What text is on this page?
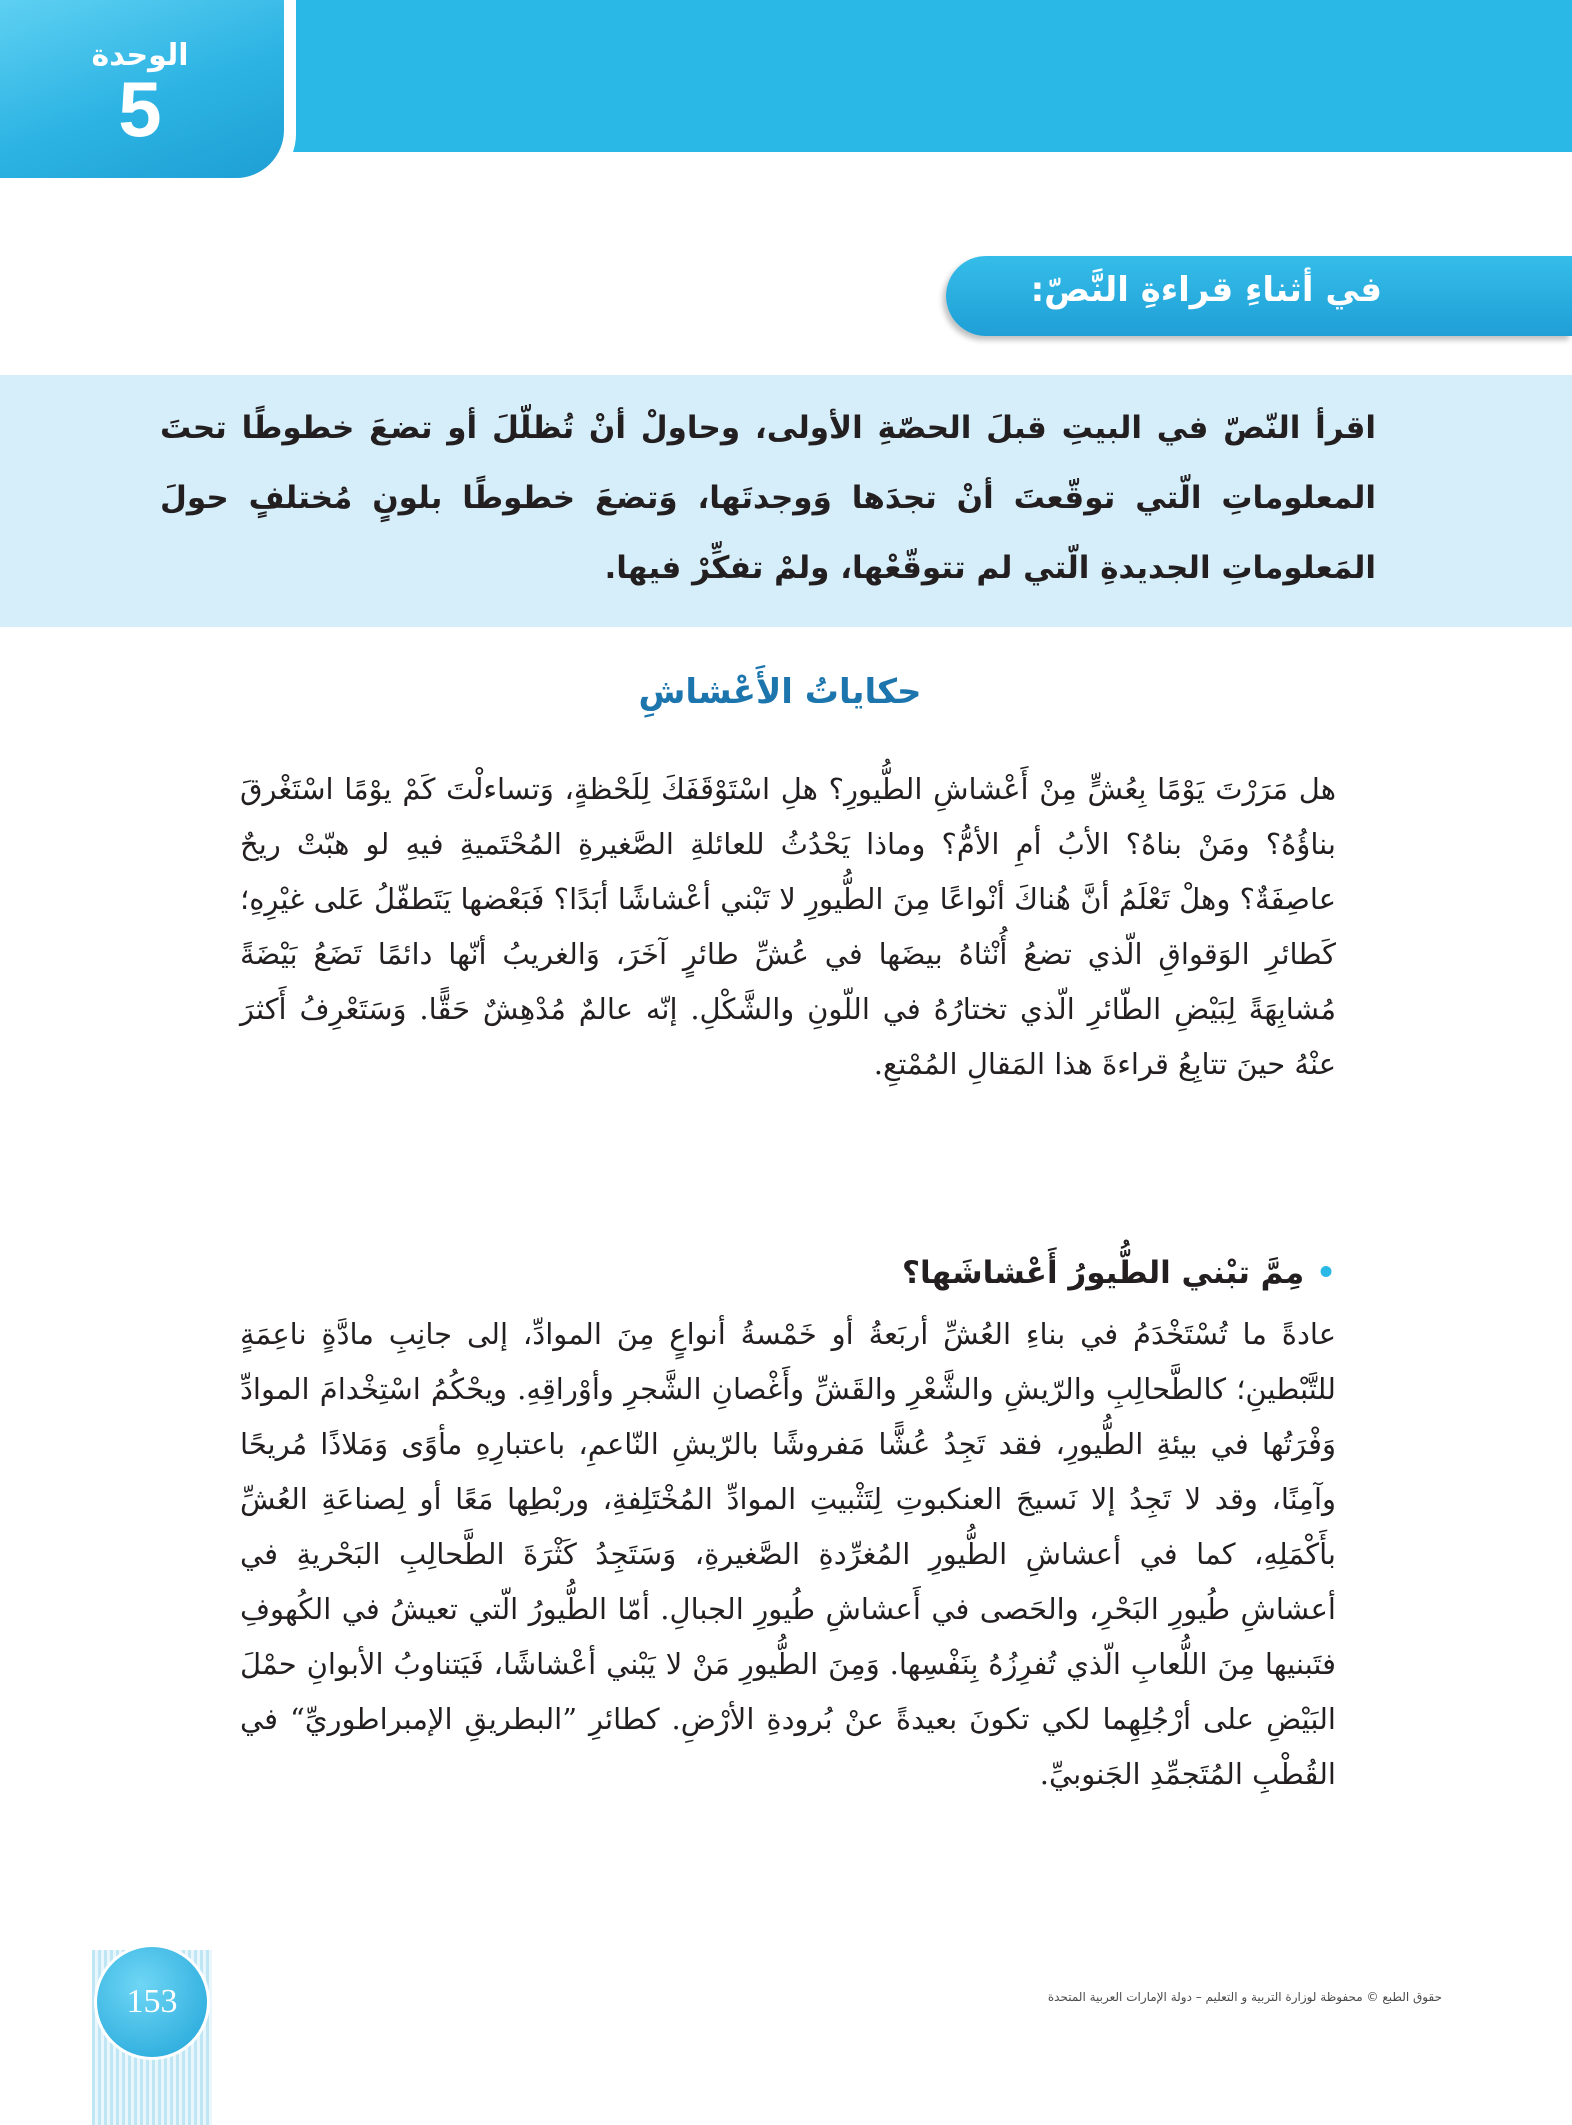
الوحدة
5
في أثناءِ قراءةِ النَّصّ:
اقرأ النّصّ في البيتِ قبلَ الحصّةِ الأولى، وحاولْ أنْ تُظلّلَ أو تضعَ خطوطًا تحتَ المعلوماتِ الّتي توقّعتَ أنْ تجدَها وَوجدتَها، وَتضعَ خطوطًا بلونٍ مُختلفٍ حولَ المَعلوماتِ الجديدةِ الّتي لم تتوقّعْها، ولمْ تفكِّرْ فيها.
حكاياتُ الأَعْشاشِ
هل مَرَرْتَ يَوْمًا بِعُشٍّ مِنْ أَعْشاشِ الطُّيورِ؟ هلِ اسْتَوْقَفَكَ لِلَحْظةٍ، وَتساءلْتَ كَمْ يوْمًا اسْتَغْرقَ بناؤُهُ؟ ومَنْ بناهُ؟ الأبُ أمِ الأمُّ؟ وماذا يَحْدُثُ للعائلةِ الصَّغيرةِ المُحْتَميةِ فيهِ لو هبّتْ ريحٌ عاصِفَةٌ؟ وهلْ تَعْلَمُ أنَّ هُناكَ أنْواعًا مِنَ الطُّيورِ لا تَبْني أعْشاشًا أبَدًا؟ فَبَعْضها يَتَطفّلُ عَلى غيْرِهِ؛ كَطائرِ الوَقواقِ الّذي تضعُ أُنْثاهُ بيضَها في عُشِّ طائرٍ آخَرَ، وَالغريبُ أنّها دائمًا تَضَعُ بَيْضَةً مُشابِهَةً لِبَيْضِ الطّائرِ الّذي تختارُهُ في اللّونِ والشَّكْلِ. إنّه عالمٌ مُدْهِشٌ حَقًّا. وَسَتَعْرِفُ أَكثرَ عنْهُ حينَ تتابِعُ قراءةَ هذا المَقالِ المُمْتعِ.
•مِمَّ تبْني الطُّيورُ أَعْشاشَها؟
عادةً ما تُسْتَخْدَمُ في بناءِ العُشِّ أربَعةُ أو خَمْسةُ أنواعٍ مِنَ الموادِّ، إلى جانِبِ مادَّةٍ ناعِمَةٍ للتَّبْطينِ؛ كالطَّحالِبِ والرّيشِ والشَّعْرِ والقَشِّ وأَغْصانِ الشَّجرِ وأوْراقِهِ. ويحْكُمُ اسْتِخْدامَ الموادِّ وَفْرَتُها في بيئةِ الطُّيورِ، فقد تَجِدُ عُشًّا مَفروشًا بالرّيشِ النّاعمِ، باعتبارِهِ مأوًى وَمَلاذًا مُريحًا وآمِنًا، وقد لا تَجِدُ إلا نَسيجَ العنكبوتِ لِتَثْبيتِ الموادِّ المُخْتَلِفةِ، وربْطِها مَعًا أو لِصناعَةِ العُشِّ بأَكْمَلِهِ، كما في أعشاشِ الطُّيورِ المُغرِّدةِ الصَّغيرةِ، وَسَتَجِدُ كَثْرَةَ الطَّحالِبِ البَحْريةِ في أعشاشِ طُيورِ البَحْرِ، والحَصى في أَعشاشِ طُيورِ الجبالِ. أمّا الطُّيورُ الّتي تعيشُ في الكُهوفِ فتَبنيها مِنَ اللُّعابِ الّذي تُفرِزُهُ بِنَفْسِها. وَمِنَ الطُّيورِ مَنْ لا يَبْني أعْشاشًا، فَيَتناوبُ الأبوانِ حمْلَ البَيْضِ على أرْجُلِهِما لكي تكونَ بعيدةً عنْ بُرودةِ الأرْضِ. كطائرِ ”البطريقِ الإمبراطوريِّ“ في القُطْبِ المُتَجمِّدِ الجَنوبيِّ.
153	حقوق الطبع © محفوظة لوزارة التربية و التعليم – دولة الإمارات العربية المتحدة
